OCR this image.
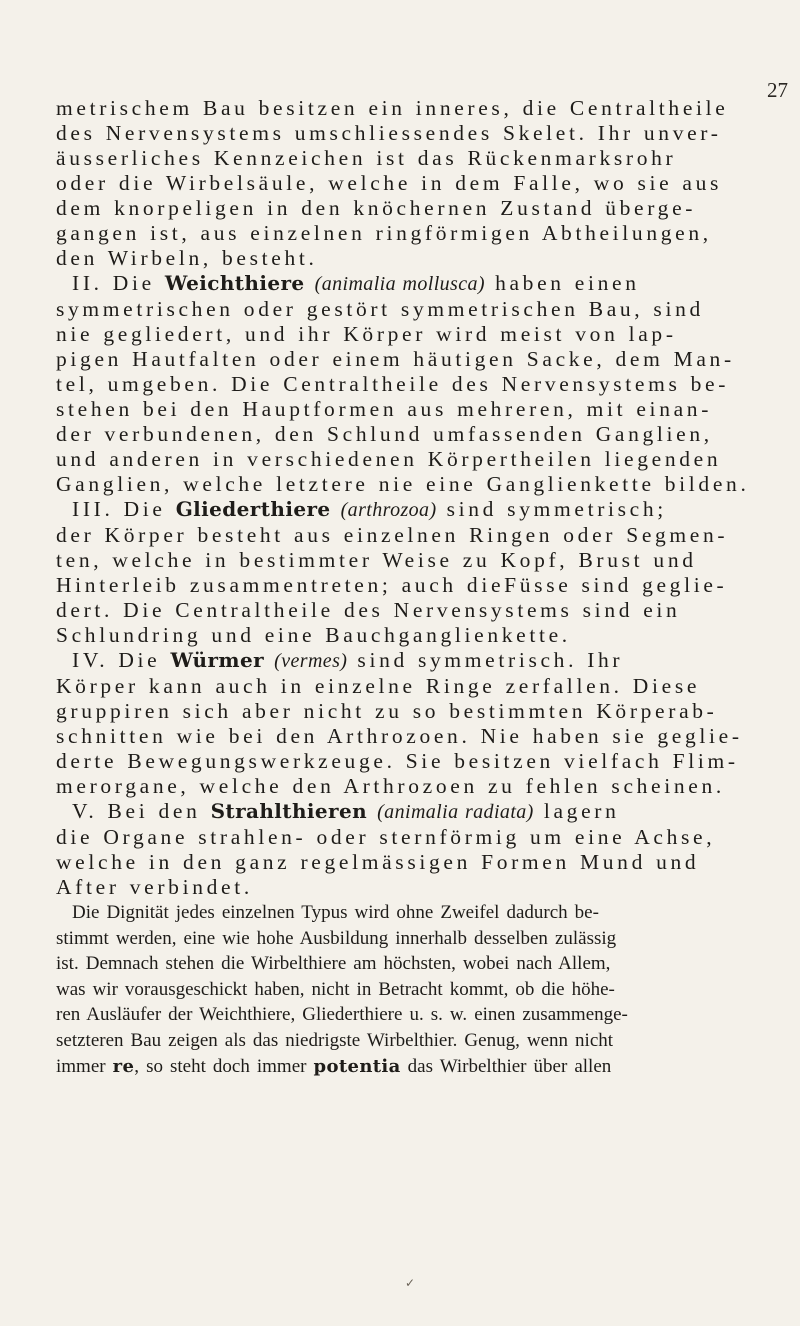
27
metrischem Bau besitzen ein inneres, die Centraltheile
des Nervensystems umschliessendes Skelet. Ihr unver-
äusserliches Kennzeichen ist das Rückenmarksrohr
oder die Wirbelsäule, welche in dem Falle, wo sie aus
dem knorpeligen in den knöchernen Zustand überge-
gangen ist, aus einzelnen ringförmigen Abtheilungen,
den Wirbeln, besteht.
II. Die Weichthiere (animalia mollusca) haben einen
symmetrischen oder gestört symmetrischen Bau, sind
nie gegliedert, und ihr Körper wird meist von lap-
pigen Hautfalten oder einem häutigen Sacke, dem Man-
tel, umgeben. Die Centraltheile des Nervensystems be-
stehen bei den Hauptformen aus mehreren, mit einan-
der verbundenen, den Schlund umfassenden Ganglien,
und anderen in verschiedenen Körpertheilen liegenden
Ganglien, welche letztere nie eine Ganglienkette bilden.
III. Die Gliederthiere (arthrozoa) sind symmetrisch;
der Körper besteht aus einzelnen Ringen oder Segmen-
ten, welche in bestimmter Weise zu Kopf, Brust und
Hinterleib zusammentreten; auch dieFüsse sind geglie-
dert. Die Centraltheile des Nervensystems sind ein
Schlundring und eine Bauchganglienkette.
IV. Die Würmer (vermes) sind symmetrisch. Ihr
Körper kann auch in einzelne Ringe zerfallen. Diese
gruppiren sich aber nicht zu so bestimmten Körperab-
schnitten wie bei den Arthrozoen. Nie haben sie geglie-
derte Bewegungswerkzeuge. Sie besitzen vielfach Flim-
merorgane, welche den Arthrozoen zu fehlen scheinen.
V. Bei den Strahlthieren (animalia radiata) lagern
die Organe strahlen- oder sternförmig um eine Achse,
welche in den ganz regelmässigen Formen Mund und
After verbindet.
Die Dignität jedes einzelnen Typus wird ohne Zweifel dadurch be-
stimmt werden, eine wie hohe Ausbildung innerhalb desselben zulässig
ist. Demnach stehen die Wirbelthiere am höchsten, wobei nach Allem,
was wir vorausgeschickt haben, nicht in Betracht kommt, ob die höhe-
ren Ausläufer der Weichthiere, Gliederthiere u. s. w. einen zusammenge-
setzteren Bau zeigen als das niedrigste Wirbelthier. Genug, wenn nicht
immer re, so steht doch immer potentia das Wirbelthier über allen
✓
